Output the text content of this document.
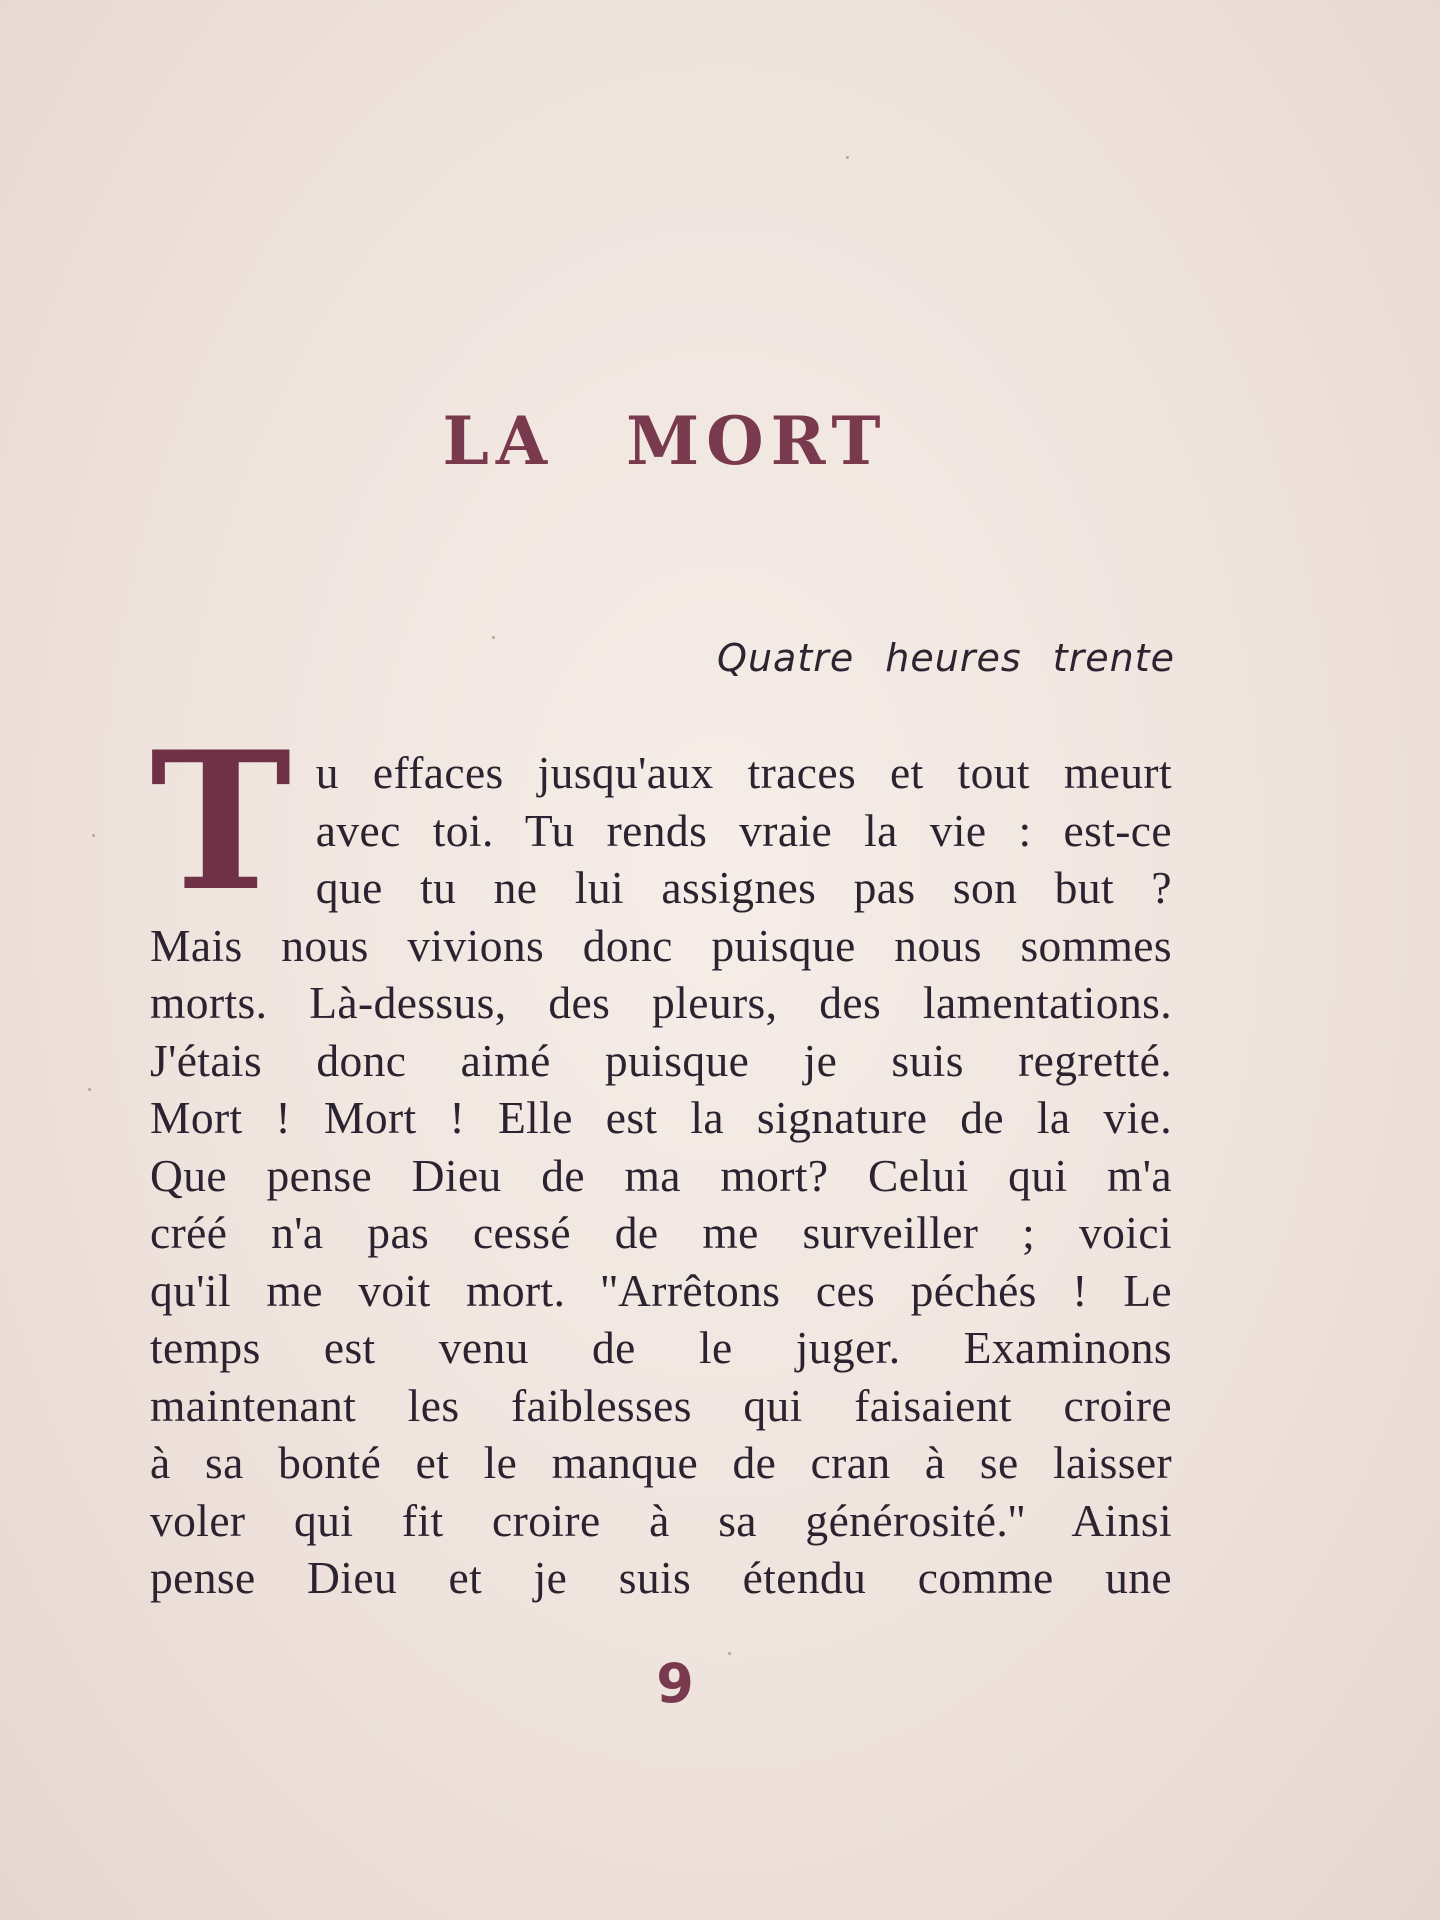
LA MORT
Quatre heures trente
T u effaces jusqu'aux traces et tout meurt
avec toi. Tu rends vraie la vie : est-ce
que tu ne lui assignes pas son but ?
Mais nous vivions donc puisque nous sommes
morts. Là-dessus, des pleurs, des lamentations.
J'étais donc aimé puisque je suis regretté.
Mort ! Mort ! Elle est la signature de la vie.
Que pense Dieu de ma mort? Celui qui m'a
créé n'a pas cessé de me surveiller ; voici
qu'il me voit mort. ''Arrêtons ces péchés ! Le
temps est venu de le juger. Examinons
maintenant les faiblesses qui faisaient croire
à sa bonté et le manque de cran à se laisser
voler qui fit croire à sa générosité.'' Ainsi
pense Dieu et je suis étendu comme une
9
